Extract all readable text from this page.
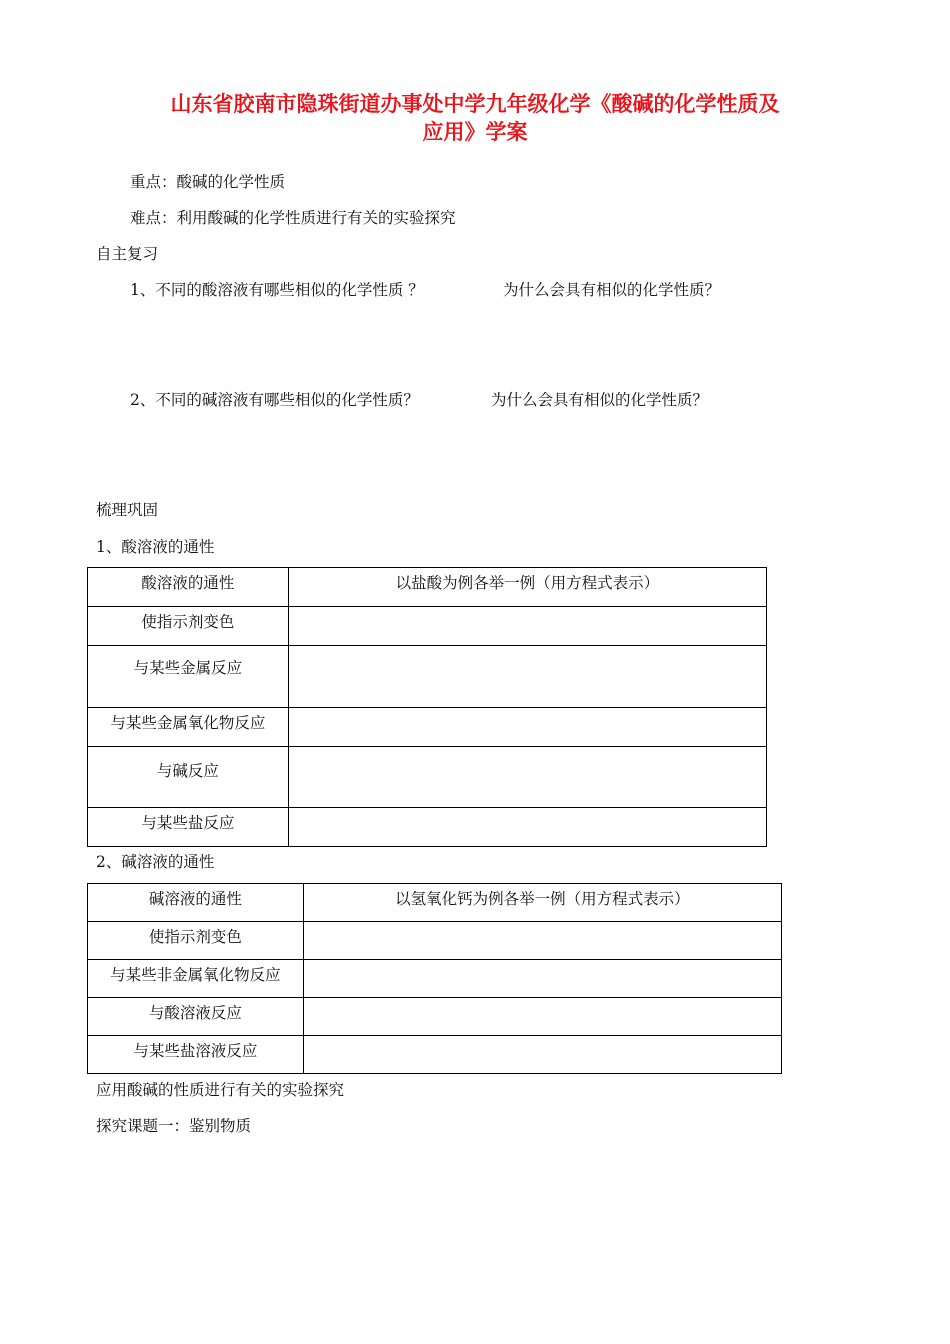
山东省胶南市隐珠街道办事处中学九年级化学《酸碱的化学性质及
应用》学案
重点：酸碱的化学性质
难点：利用酸碱的化学性质进行有关的实验探究
自主复习
1、不同的酸溶液有哪些相似的化学性质 ？	为什么会具有相似的化学性质？
2、不同的碱溶液有哪些相似的化学性质？	为什么会具有相似的化学性质？
梳理巩固
1、酸溶液的通性
酸溶液的通性	以盐酸为例各举一例（用方程式表示）

使指示剂变色	

与某些金属反应	

与某些金属氧化物反应	

与碱反应	

与某些盐反应	

2、碱溶液的通性
碱溶液的通性	以氢氧化钙为例各举一例（用方程式表示）

使指示剂变色	

与某些非金属氧化物反应	

与酸溶液反应	

与某些盐溶液反应	

应用酸碱的性质进行有关的实验探究
探究课题一：鉴别物质
